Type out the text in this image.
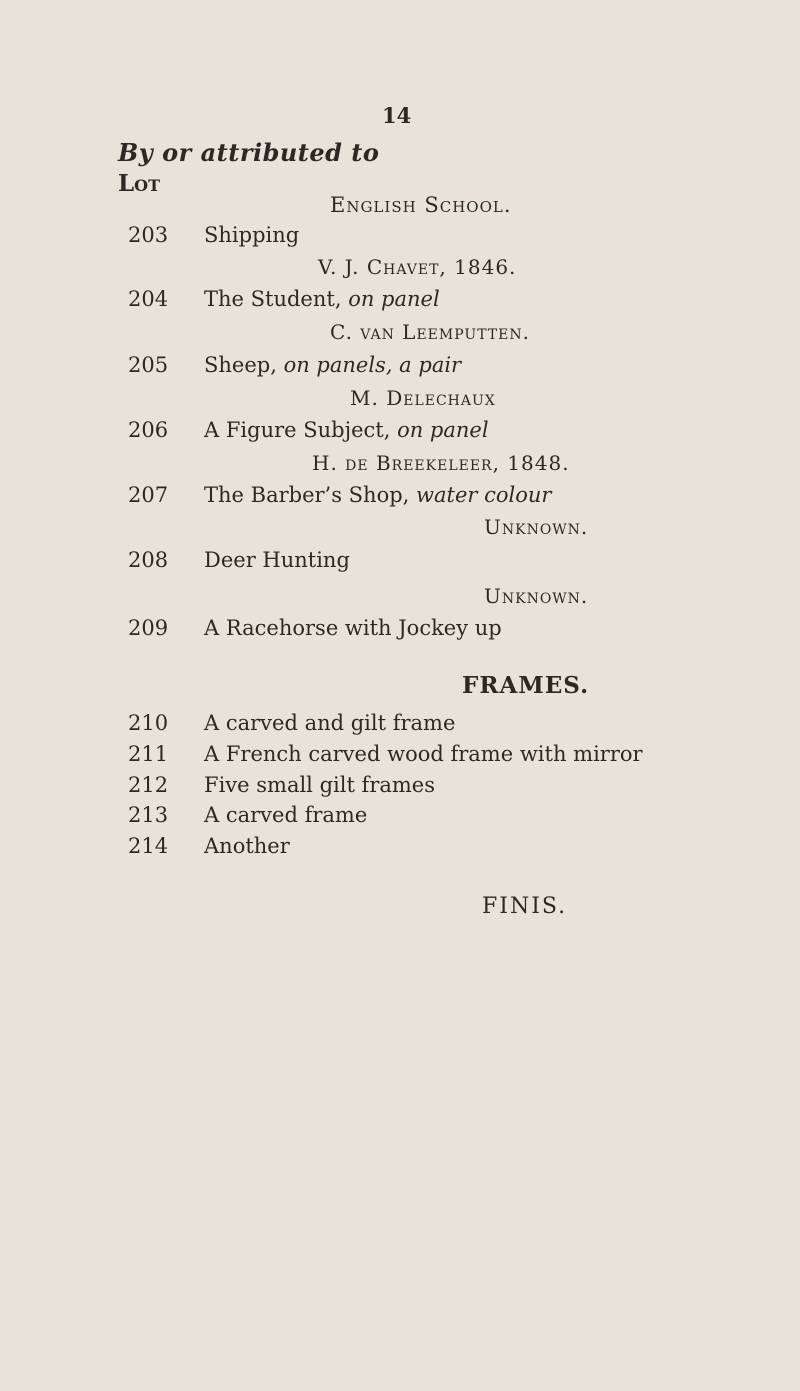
14
By or attributed to
Lot
English School.
203 Shipping
V. J. Chavet, 1846.
204 The Student, on panel
C. van Leemputten.
205 Sheep, on panels, a pair
M. Delechaux
206 A Figure Subject, on panel
H. de Breekeleer, 1848.
207 The Barber’s Shop, water colour
Unknown.
208 Deer Hunting
Unknown.
209 A Racehorse with Jockey up
FRAMES.
210 A carved and gilt frame
211 A French carved wood frame with mirror
212 Five small gilt frames
213 A carved frame
214 Another
FINIS.
